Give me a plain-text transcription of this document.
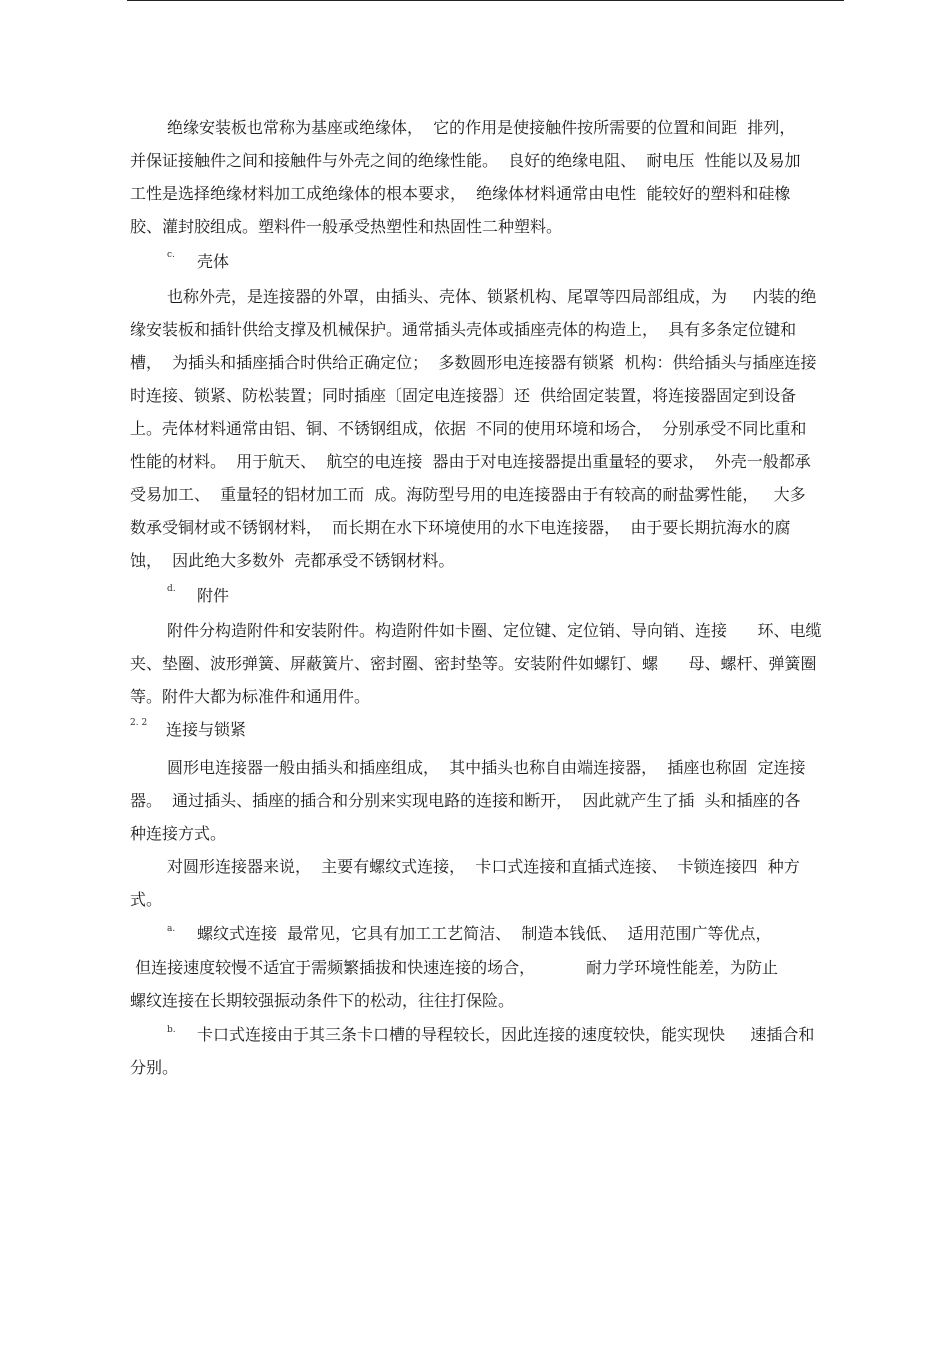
绝缘安装板也常称为基座或绝缘体，  它的作用是使接触件按所需要的位置和间距  排列，
并保证接触件之间和接触件与外壳之间的绝缘性能。  良好的绝缘电阻、  耐电压  性能以及易加
工性是选择绝缘材料加工成绝缘体的根本要求，  绝缘体材料通常由电性  能较好的塑料和硅橡
胶、灌封胶组成。塑料件一般承受热塑性和热固性二种塑料。
c. 壳体
也称外壳，是连接器的外罩，由插头、壳体、锁紧机构、尾罩等四局部组成，为     内装的绝
缘安装板和插针供给支撑及机械保护。通常插头壳体或插座壳体的构造上，  具有多条定位键和
槽，  为插头和插座插合时供给正确定位；  多数圆形电连接器有锁紧  机构：供给插头与插座连接
时连接、锁紧、防松装置；同时插座〔固定电连接器〕还  供给固定装置，将连接器固定到设备
上。壳体材料通常由铝、铜、不锈钢组成，依据  不同的使用环境和场合，  分别承受不同比重和
性能的材料。  用于航天、  航空的电连接  器由于对电连接器提出重量轻的要求，  外壳一般都承
受易加工、  重量轻的铝材加工而  成。海防型号用的电连接器由于有较高的耐盐雾性能，   大多
数承受铜材或不锈钢材料，  而长期在水下环境使用的水下电连接器，  由于要长期抗海水的腐
蚀，  因此绝大多数外  壳都承受不锈钢材料。
d. 附件
附件分构造附件和安装附件。构造附件如卡圈、定位键、定位销、导向销、连接      环、电缆
夹、垫圈、波形弹簧、屏蔽簧片、密封圈、密封垫等。安装附件如螺钉、螺      母、螺杆、弹簧圈
等。附件大都为标准件和通用件。
2. 2 连接与锁紧
圆形电连接器一般由插头和插座组成，  其中插头也称自由端连接器，  插座也称固  定连接
器。  通过插头、插座的插合和分别来实现电路的连接和断开，  因此就产生了插  头和插座的各
种连接方式。
对圆形连接器来说，  主要有螺纹式连接，  卡口式连接和直插式连接、  卡锁连接四  种方
式。
a. 螺纹式连接  最常见，它具有加工工艺简洁、  制造本钱低、  适用范围广等优点，
但连接速度较慢不适宜于需频繁插拔和快速连接的场合，          耐力学环境性能差，为防止
螺纹连接在长期较强振动条件下的松动，往往打保险。
b. 卡口式连接由于其三条卡口槽的导程较长，因此连接的速度较快，能实现快     速插合和
分别。
